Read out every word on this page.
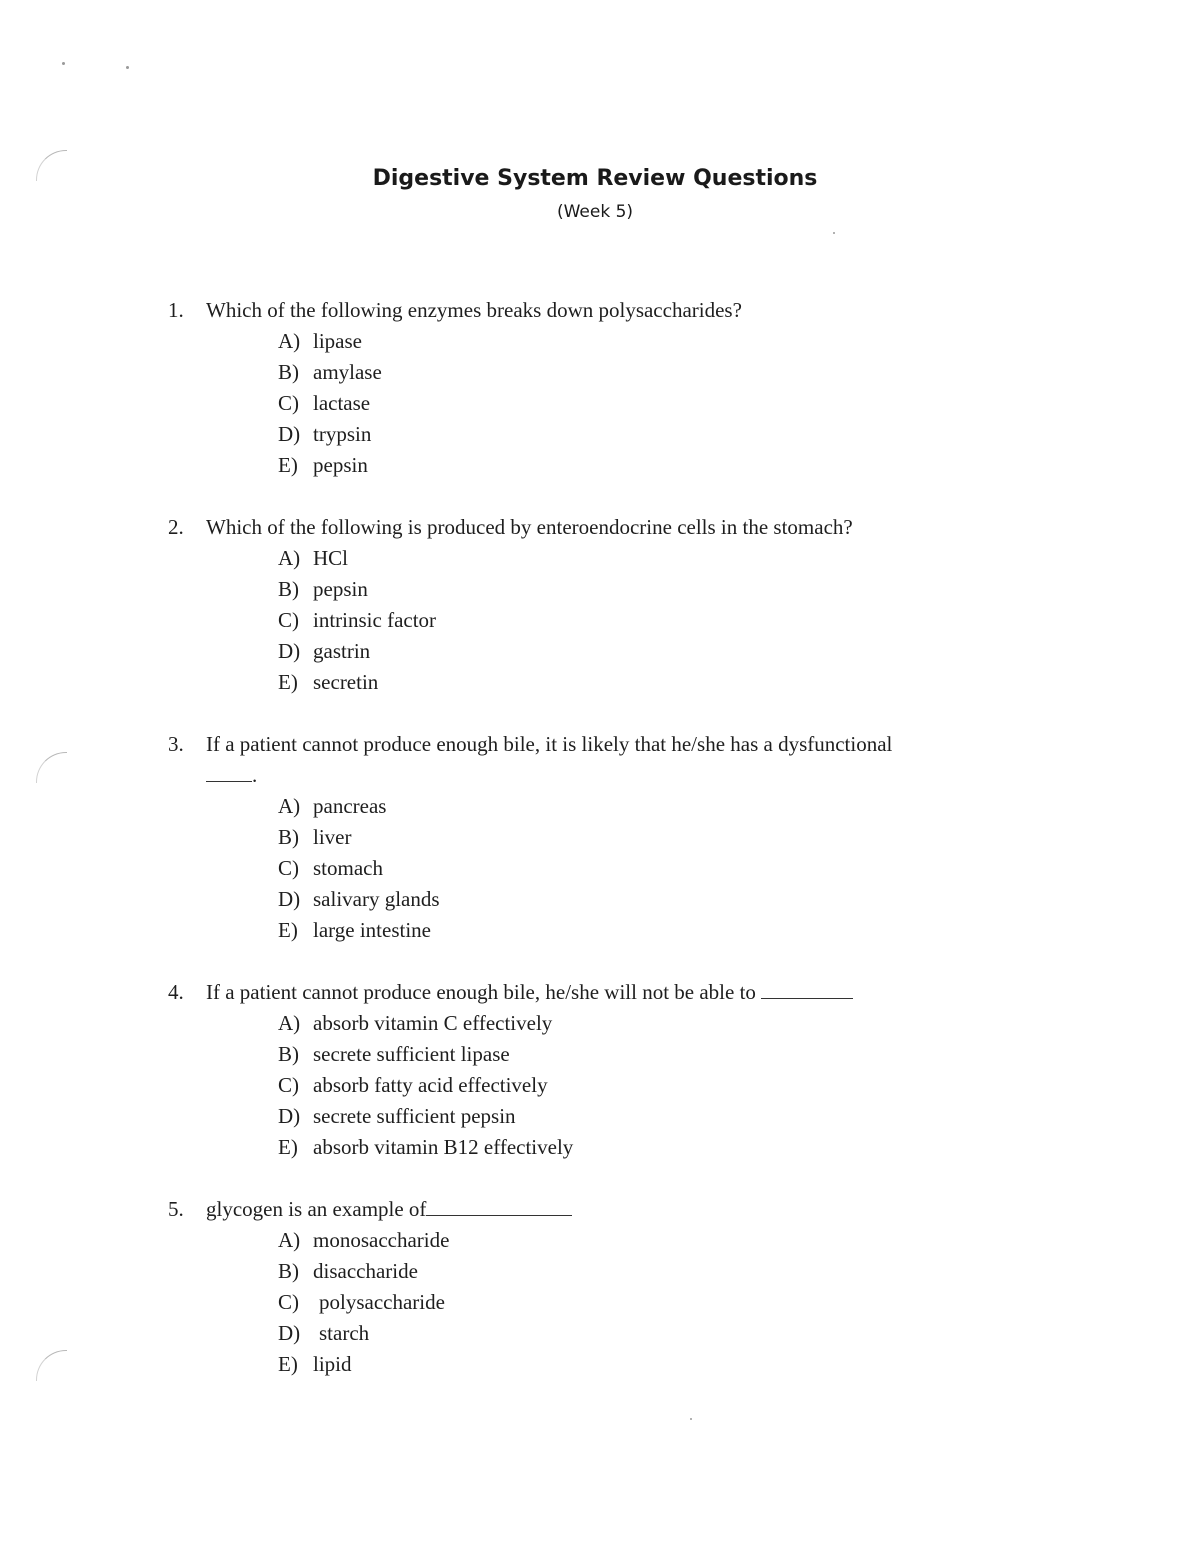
Digestive System Review Questions
(Week 5)
1.	Which of the following enzymes breaks down polysaccharides?
A) lipase
B) amylase
C) lactase
D) trypsin
E) pepsin
2.	Which of the following is produced by enteroendocrine cells in the stomach?
A) HCl
B) pepsin
C) intrinsic factor
D) gastrin
E) secretin
3.	If a patient cannot produce enough bile, it is likely that he/she has a dysfunctional
.
A) pancreas
B) liver
C) stomach
D) salivary glands
E) large intestine
4.	If a patient cannot produce enough bile, he/she will not be able to
A) absorb vitamin C effectively
B) secrete sufficient lipase
C) absorb fatty acid effectively
D) secrete sufficient pepsin
E) absorb vitamin B12 effectively
5.	glycogen is an example of
A) monosaccharide
B) disaccharide
C) polysaccharide
D) starch
E) lipid
